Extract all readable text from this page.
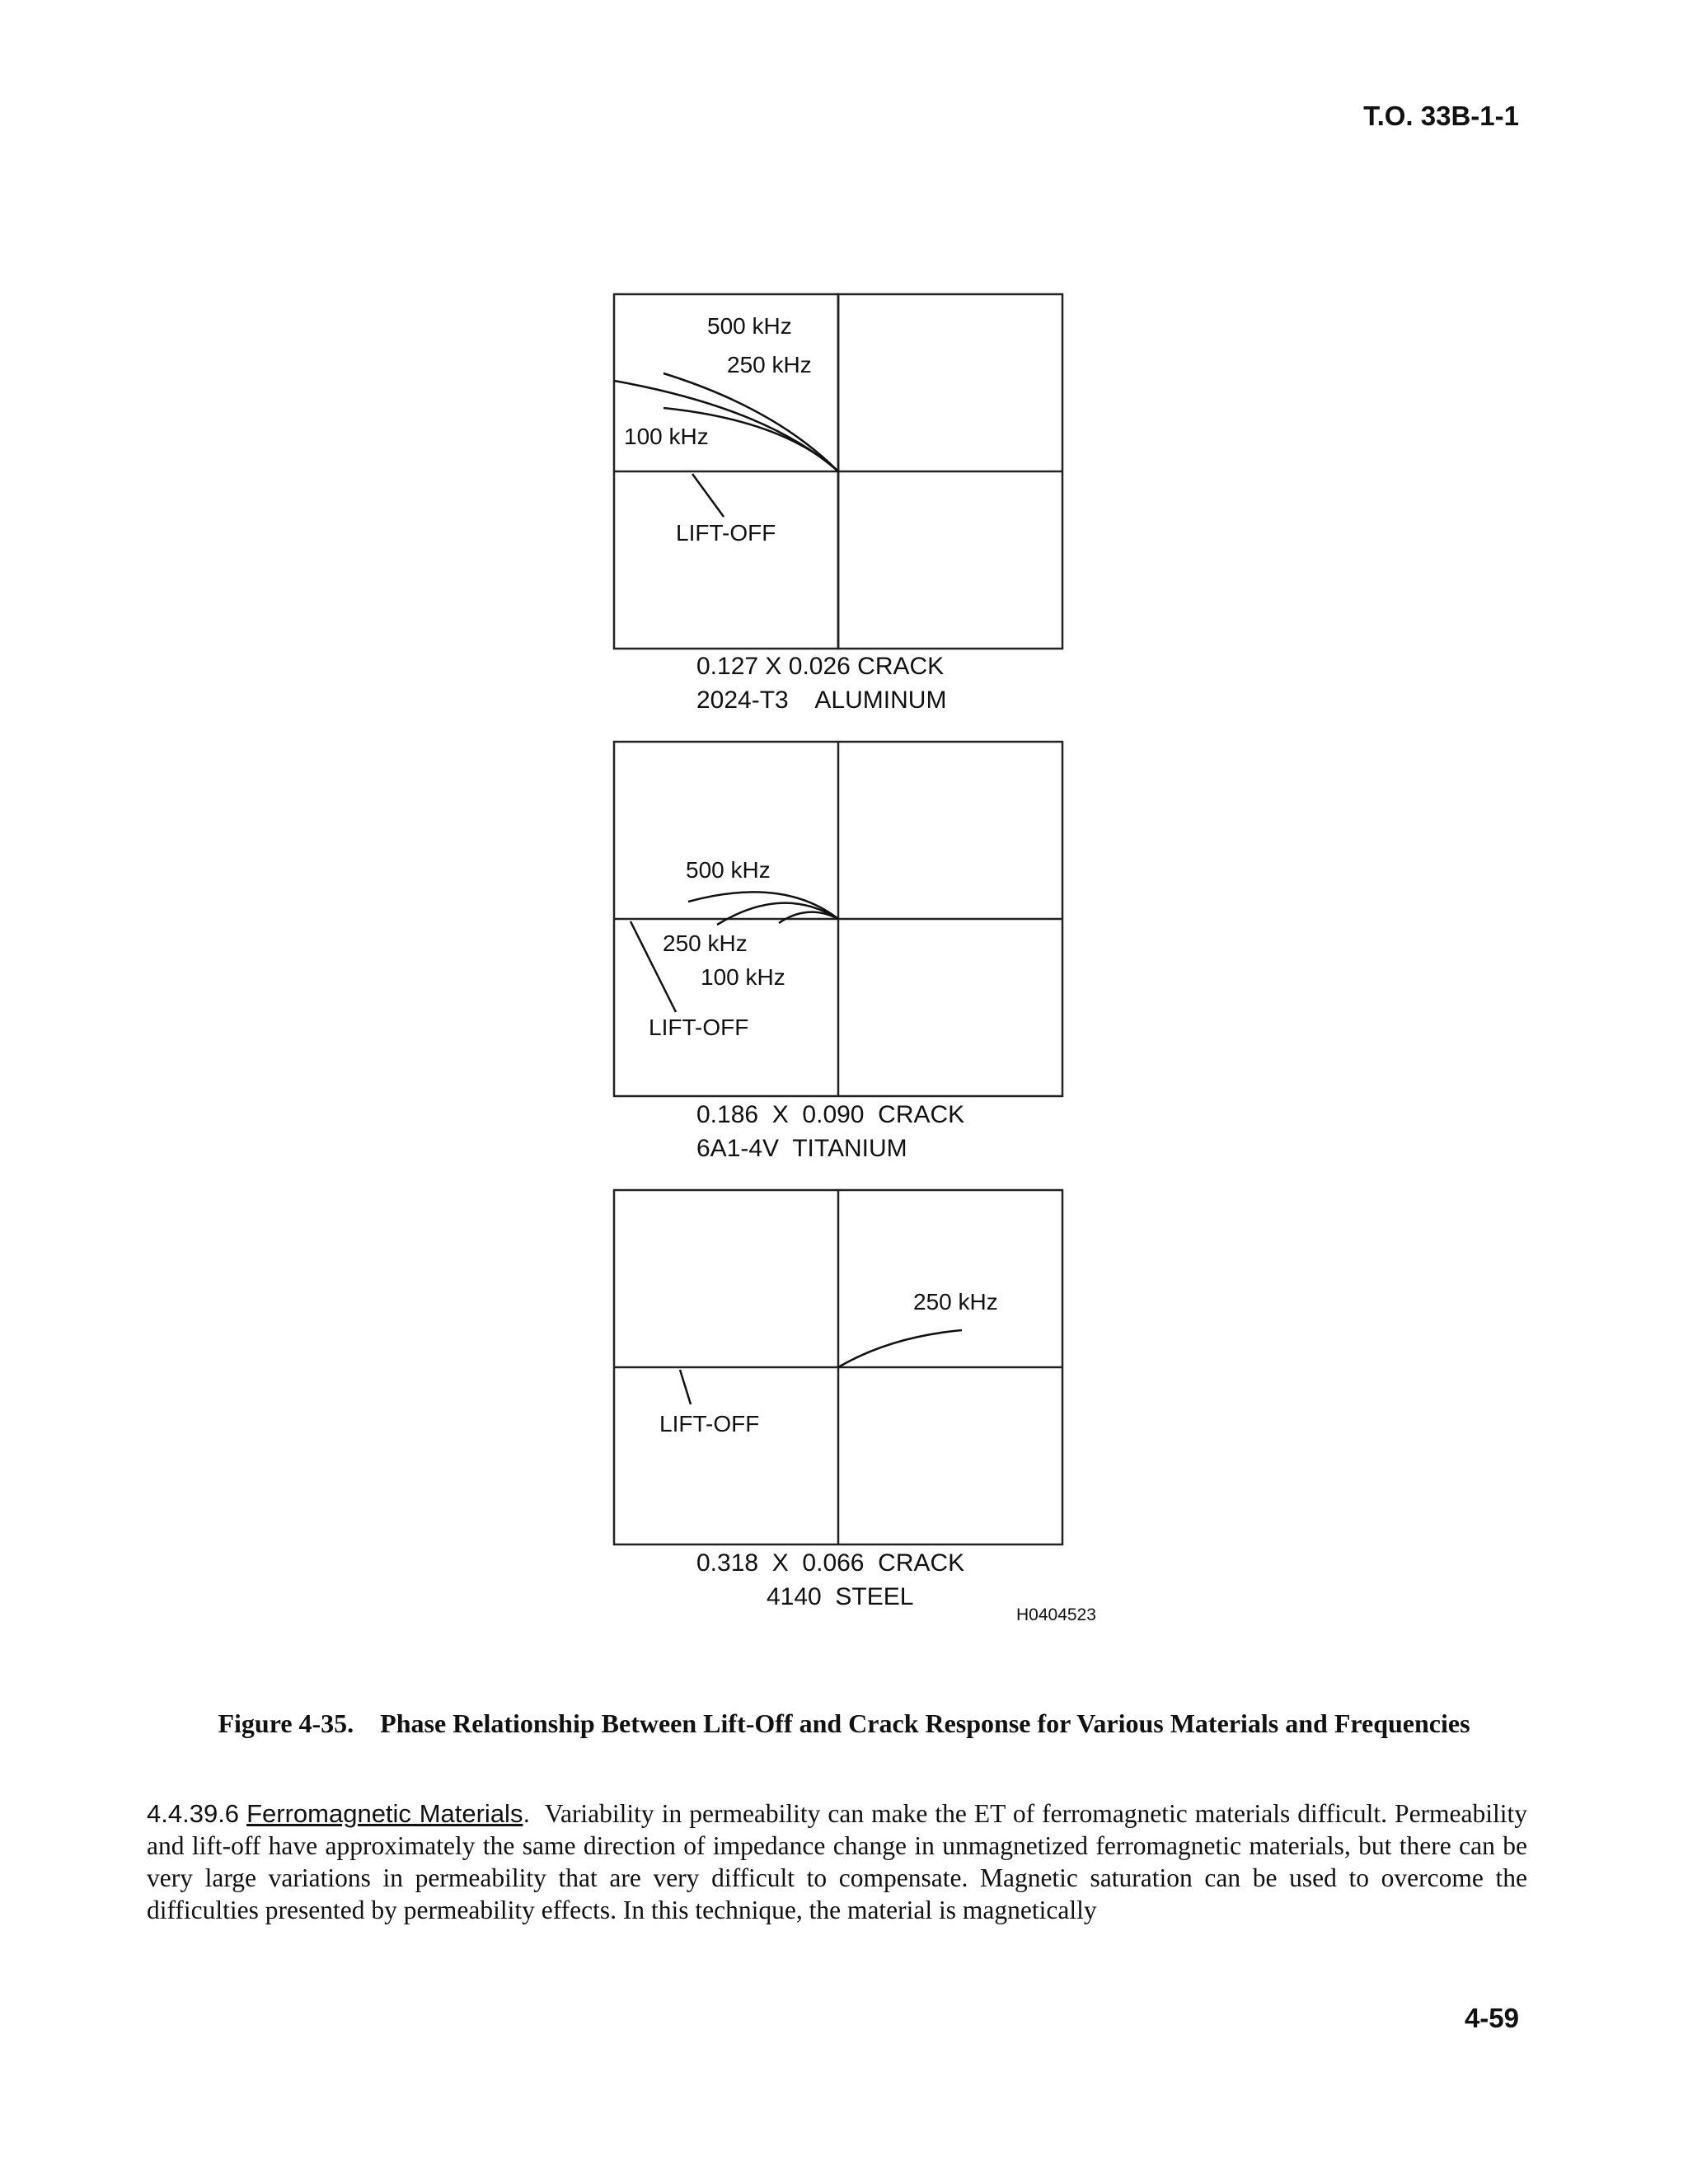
T.O. 33B-1-1
500 kHz
250 kHz
100 kHz
LIFT-OFF
0.127 X 0.026 CRACK
2024-T3    ALUMINUM
500 kHz
250 kHz
100 kHz
LIFT-OFF
0.186  X  0.090  CRACK
6A1-4V  TITANIUM
250 kHz
LIFT-OFF
0.318  X  0.066  CRACK
4140  STEEL
H0404523
Figure 4-35.    Phase Relationship Between Lift-Off and Crack Response for Various Materials and Frequencies
4.4.39.6 Ferromagnetic Materials. Variability in permeability can make the ET of ferromagnetic materials difficult. Permeability and lift-off have approximately the same direction of impedance change in unmagnetized ferromagnetic materials, but there can be very large variations in permeability that are very difficult to compensate. Magnetic saturation can be used to overcome the difficulties presented by permeability effects. In this technique, the material is magnetically
4-59
